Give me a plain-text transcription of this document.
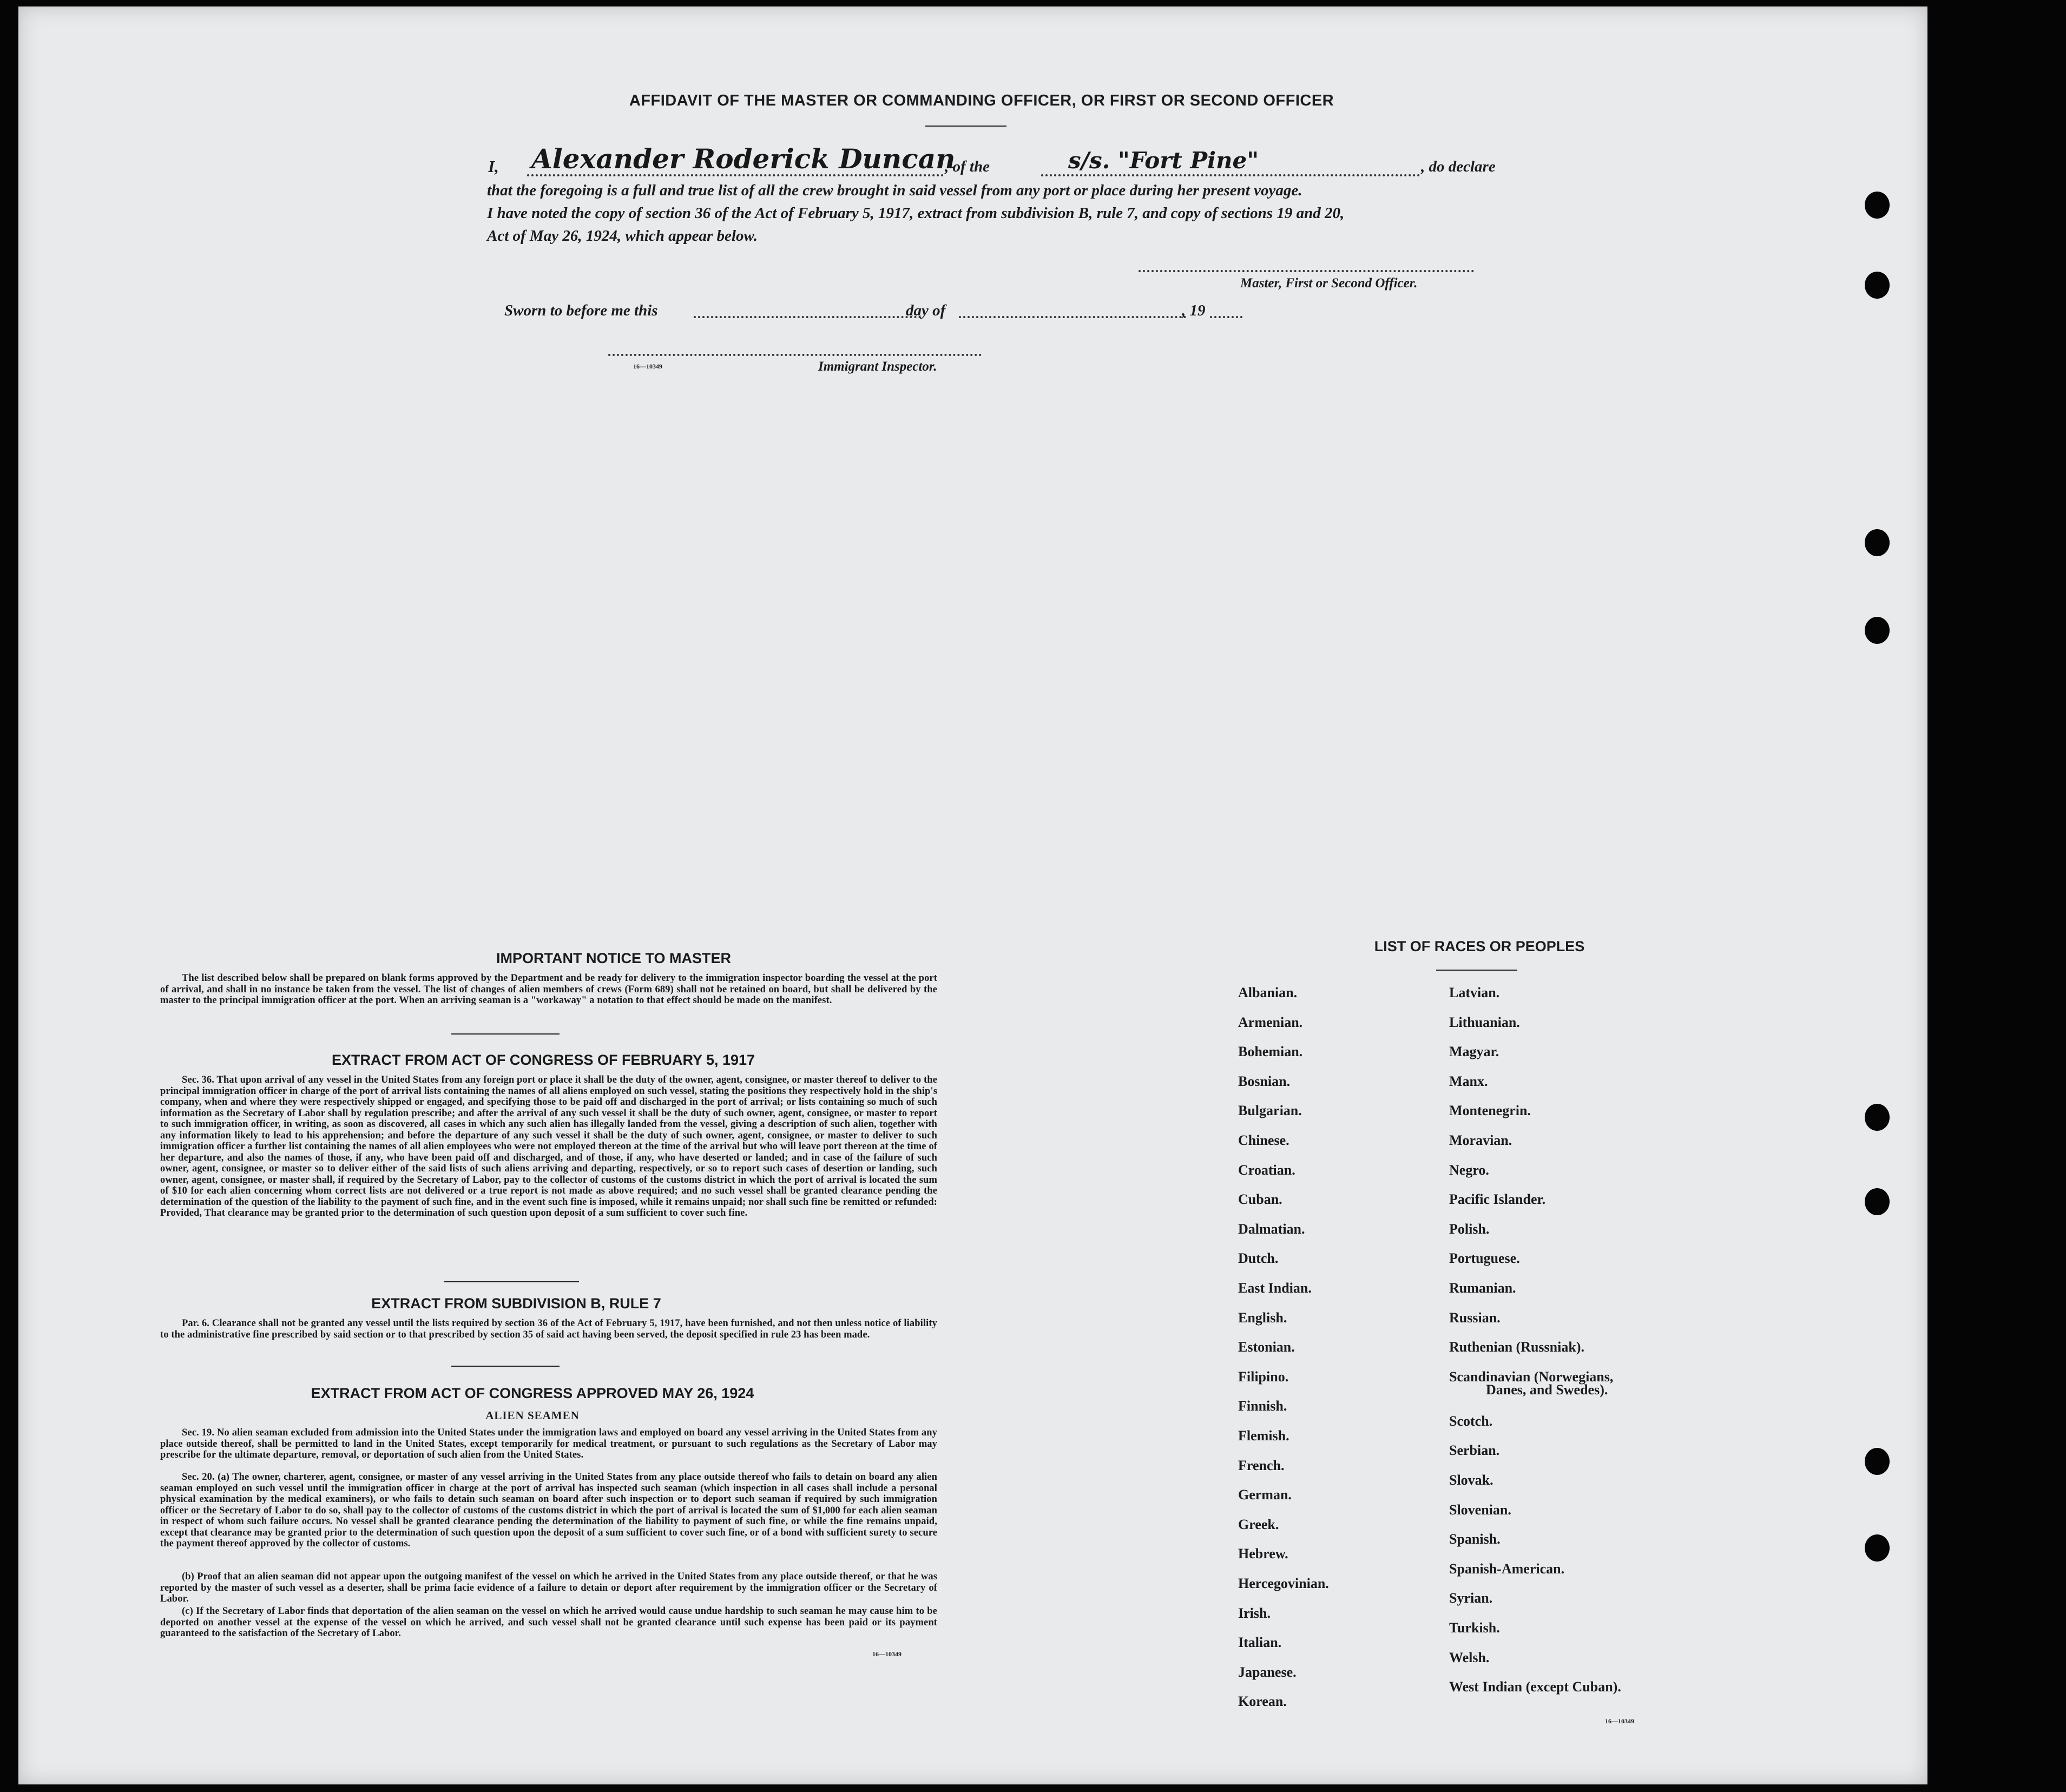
AFFIDAVIT OF THE MASTER OR COMMANDING OFFICER, OR FIRST OR SECOND OFFICER
I, Alexander Roderick Duncan
, of the	s/s. "Fort Pine"	, do declare
that the foregoing is a full and true list of all the crew brought in said vessel from any port or place during her present voyage.
I have noted the copy of section 36 of the Act of February 5, 1917, extract from subdivision B, rule 7, and copy of sections 19 and 20,
Act of May 26, 1924, which appear below.
Master, First or Second Officer.
Sworn to before me this	day of	, 19
16—10349	Immigrant Inspector.
IMPORTANT NOTICE TO MASTER
The list described below shall be prepared on blank forms approved by the Department and be ready for delivery to the immigration inspector boarding the vessel at the port of arrival, and shall in no instance be taken from the vessel. The list of changes of alien members of crews (Form 689) shall not be retained on board, but shall be delivered by the master to the principal immigration officer at the port. When an arriving seaman is a "workaway" a notation to that effect should be made on the manifest.
EXTRACT FROM ACT OF CONGRESS OF FEBRUARY 5, 1917
Sec. 36. That upon arrival of any vessel in the United States from any foreign port or place it shall be the duty of the owner, agent, consignee, or master thereof to deliver to the principal immigration officer in charge of the port of arrival lists containing the names of all aliens employed on such vessel, stating the positions they respectively hold in the ship's company, when and where they were respectively shipped or engaged, and specifying those to be paid off and discharged in the port of arrival; or lists containing so much of such information as the Secretary of Labor shall by regulation prescribe; and after the arrival of any such vessel it shall be the duty of such owner, agent, consignee, or master to report to such immigration officer, in writing, as soon as discovered, all cases in which any such alien has illegally landed from the vessel, giving a description of such alien, together with any information likely to lead to his apprehension; and before the departure of any such vessel it shall be the duty of such owner, agent, consignee, or master to deliver to such immigration officer a further list containing the names of all alien employees who were not employed thereon at the time of the arrival but who will leave port thereon at the time of her departure, and also the names of those, if any, who have been paid off and discharged, and of those, if any, who have deserted or landed; and in case of the failure of such owner, agent, consignee, or master so to deliver either of the said lists of such aliens arriving and departing, respectively, or so to report such cases of desertion or landing, such owner, agent, consignee, or master shall, if required by the Secretary of Labor, pay to the collector of customs of the customs district in which the port of arrival is located the sum of $10 for each alien concerning whom correct lists are not delivered or a true report is not made as above required; and no such vessel shall be granted clearance pending the determination of the question of the liability to the payment of such fine, and in the event such fine is imposed, while it remains unpaid; nor shall such fine be remitted or refunded: Provided, That clearance may be granted prior to the determination of such question upon deposit of a sum sufficient to cover such fine.
EXTRACT FROM SUBDIVISION B, RULE 7
Par. 6. Clearance shall not be granted any vessel until the lists required by section 36 of the Act of February 5, 1917, have been furnished, and not then unless notice of liability to the administrative fine prescribed by said section or to that prescribed by section 35 of said act having been served, the deposit specified in rule 23 has been made.
EXTRACT FROM ACT OF CONGRESS APPROVED MAY 26, 1924
ALIEN SEAMEN
Sec. 19. No alien seaman excluded from admission into the United States under the immigration laws and employed on board any vessel arriving in the United States from any place outside thereof, shall be permitted to land in the United States, except temporarily for medical treatment, or pursuant to such regulations as the Secretary of Labor may prescribe for the ultimate departure, removal, or deportation of such alien from the United States.
Sec. 20. (a) The owner, charterer, agent, consignee, or master of any vessel arriving in the United States from any place outside thereof who fails to detain on board any alien seaman employed on such vessel until the immigration officer in charge at the port of arrival has inspected such seaman (which inspection in all cases shall include a personal physical examination by the medical examiners), or who fails to detain such seaman on board after such inspection or to deport such seaman if required by such immigration officer or the Secretary of Labor to do so, shall pay to the collector of customs of the customs district in which the port of arrival is located the sum of $1,000 for each alien seaman in respect of whom such failure occurs. No vessel shall be granted clearance pending the determination of the liability to payment of such fine, or while the fine remains unpaid, except that clearance may be granted prior to the determination of such question upon the deposit of a sum sufficient to cover such fine, or of a bond with sufficient surety to secure the payment thereof approved by the collector of customs.
(b) Proof that an alien seaman did not appear upon the outgoing manifest of the vessel on which he arrived in the United States from any place outside thereof, or that he was reported by the master of such vessel as a deserter, shall be prima facie evidence of a failure to detain or deport after requirement by the immigration officer or the Secretary of Labor.
(c) If the Secretary of Labor finds that deportation of the alien seaman on the vessel on which he arrived would cause undue hardship to such seaman he may cause him to be deported on another vessel at the expense of the vessel on which he arrived, and such vessel shall not be granted clearance until such expense has been paid or its payment guaranteed to the satisfaction of the Secretary of Labor.
16—10349
LIST OF RACES OR PEOPLES
16—10349
Albanian.
Armenian.
Bohemian.
Bosnian.
Bulgarian.
Chinese.
Croatian.
Cuban.
Dalmatian.
Dutch.
East Indian.
English.
Estonian.
Filipino.
Finnish.
Flemish.
French.
German.
Greek.
Hebrew.
Hercegovinian.
Irish.
Italian.
Japanese.
Korean.
Latvian.
Lithuanian.
Magyar.
Manx.
Montenegrin.
Moravian.
Negro.
Pacific Islander.
Polish.
Portuguese.
Rumanian.
Russian.
Ruthenian (Russniak).
Scandinavian (Norwegians,
Danes, and Swedes).
Scotch.
Serbian.
Slovak.
Slovenian.
Spanish.
Spanish-American.
Syrian.
Turkish.
Welsh.
West Indian (except Cuban).
